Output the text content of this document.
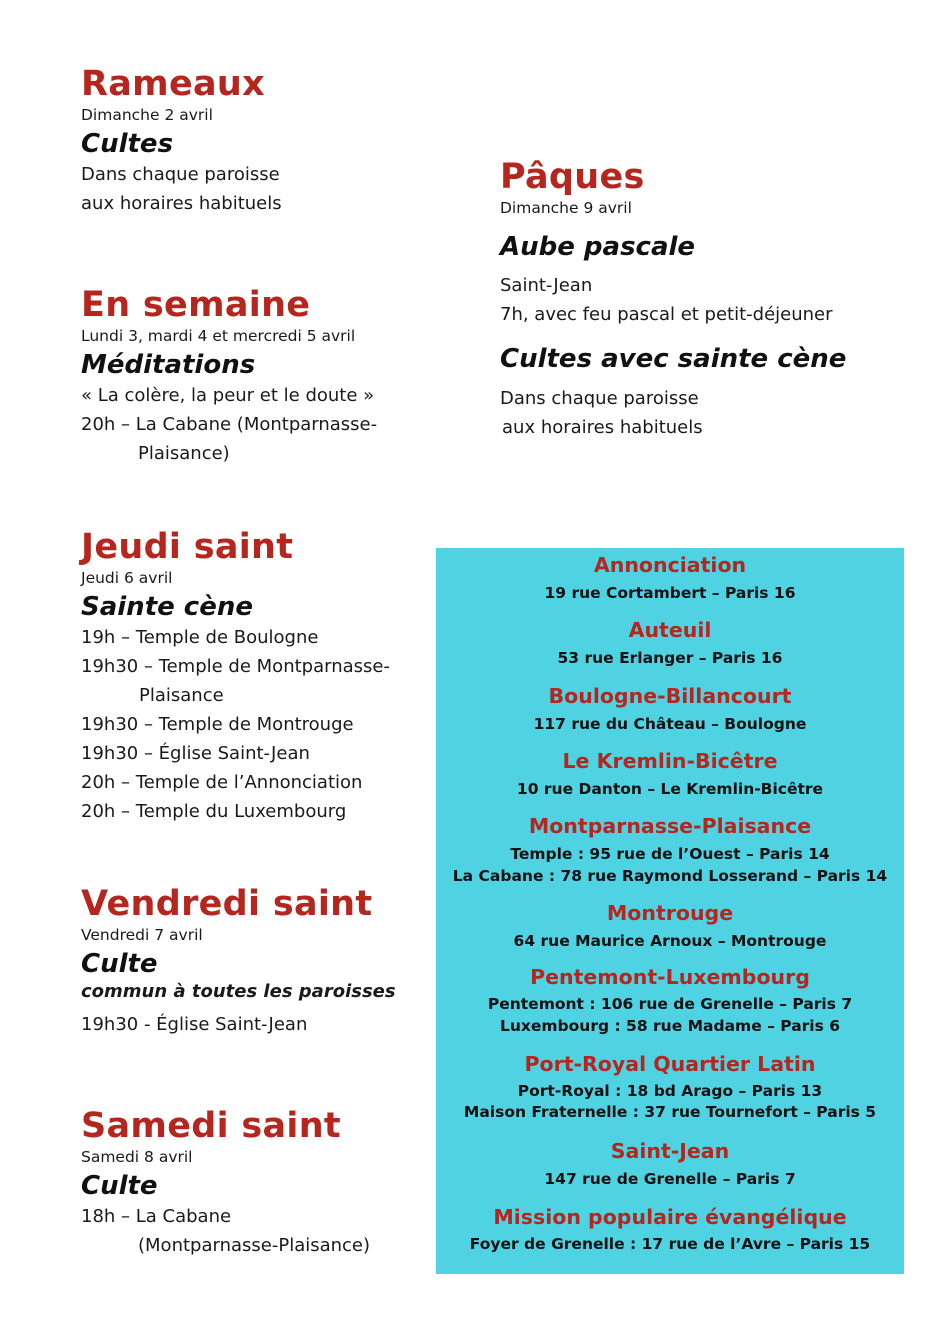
Rameaux
Dimanche 2 avril
Cultes
Dans chaque paroisse
aux horaires habituels
En semaine
Lundi 3, mardi 4 et mercredi 5 avril
Méditations
« La colère, la peur et le doute »
20h – La Cabane (Montparnasse-
Plaisance)
Jeudi saint
Jeudi 6 avril
Sainte cène
19h – Temple de Boulogne
19h30 – Temple de Montparnasse-
Plaisance
19h30 – Temple de Montrouge
19h30 – Église Saint-Jean
20h – Temple de l’Annonciation
20h – Temple du Luxembourg
Vendredi saint
Vendredi 7 avril
Culte
commun à toutes les paroisses
19h30 - Église Saint-Jean
Samedi saint
Samedi 8 avril
Culte
18h – La Cabane
(Montparnasse-Plaisance)
Pâques
Dimanche 9 avril
Aube pascale
Saint-Jean
7h, avec feu pascal et petit-déjeuner
Cultes avec sainte cène
Dans chaque paroisse
aux horaires habituels
Annonciation
19 rue Cortambert – Paris 16
Auteuil
53 rue Erlanger – Paris 16
Boulogne-Billancourt
117 rue du Château – Boulogne
Le Kremlin-Bicêtre
10 rue Danton – Le Kremlin-Bicêtre
Montparnasse-Plaisance
Temple : 95 rue de l’Ouest – Paris 14
La Cabane : 78 rue Raymond Losserand – Paris 14
Montrouge
64 rue Maurice Arnoux – Montrouge
Pentemont-Luxembourg
Pentemont : 106 rue de Grenelle – Paris 7
Luxembourg : 58 rue Madame – Paris 6
Port-Royal Quartier Latin
Port-Royal : 18 bd Arago – Paris 13
Maison Fraternelle : 37 rue Tournefort – Paris 5
Saint-Jean
147 rue de Grenelle – Paris 7
Mission populaire évangélique
Foyer de Grenelle : 17 rue de l’Avre – Paris 15
